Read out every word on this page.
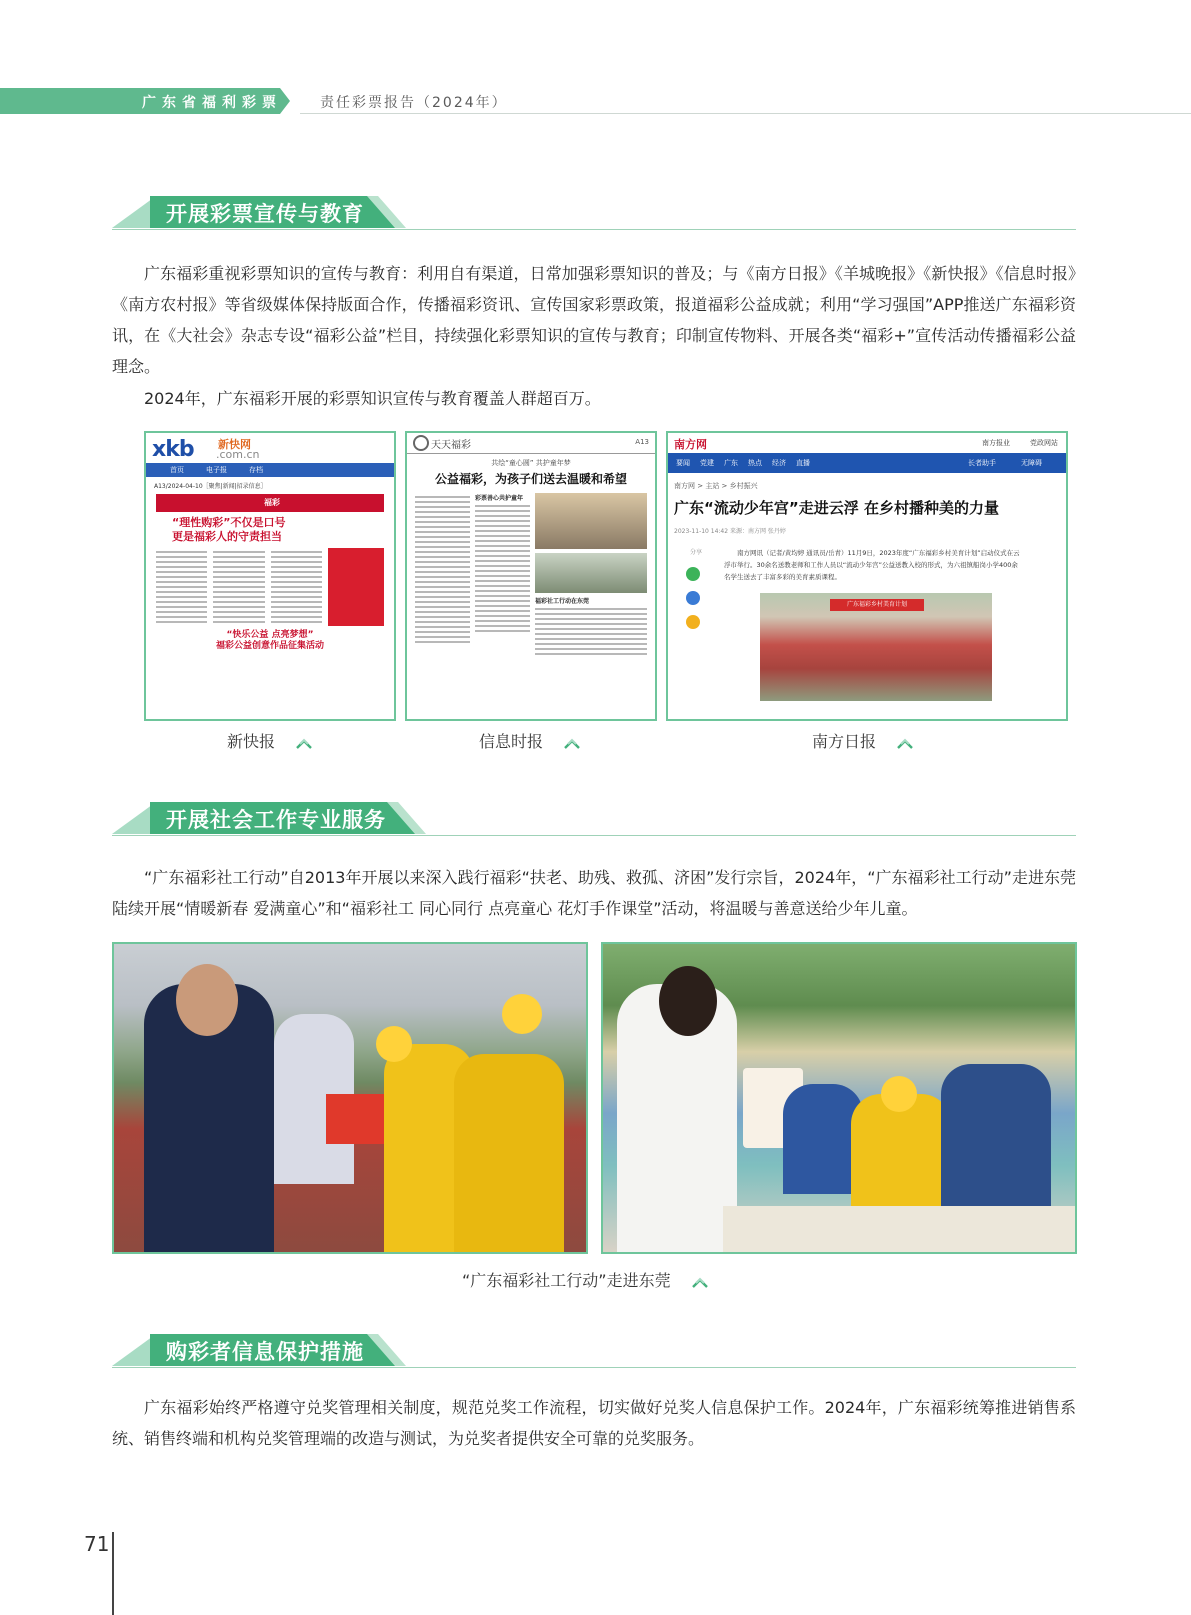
广东省福利彩票	责任彩票报告（2024年）
开展彩票宣传与教育

广东福彩重视彩票知识的宣传与教育：利用自有渠道，日常加强彩票知识的普及；与《南方日报》《羊城晚报》《新快报》《信息时报》《南方农村报》等省级媒体保持版面合作，传播福彩资讯、宣传国家彩票政策，报道福彩公益成就；利用“学习强国”APP推送广东福彩资讯，在《大社会》杂志专设“福彩公益”栏目，持续强化彩票知识的宣传与教育；印制宣传物料、开展各类“福彩+”宣传活动传播福彩公益理念。

2024年，广东福彩开展的彩票知识宣传与教育覆盖人群超百万。

xkb 新快网
.com.cn
首页	电子报	存档
A13/2024-04-10［聚焦|新闻|招录信息］
福彩
“理性购彩”不仅是口号
更是福彩人的守责担当
“快乐公益 点亮梦想”
福彩公益创意作品征集活动
新快报
天天福彩	A13
共绘“童心圆” 共护童年梦
公益福彩，为孩子们送去温暖和希望
彩票善心共护童年
福彩社工行动在东莞
信息时报
南方网	南方报业	党政网站
要闻 党建 广东 热点 经济 直播	长者助手	无障碍
南方网 > 主站 > 乡村振兴
广东“流动少年宫”走进云浮 在乡村播种美的力量
2023-11-10 14:42 来源：南方网 张丹婷
分享	南方网讯（记者/黄均婷 通讯员/岳青）11月9日，2023年度“广东福彩乡村美育计划”启动仪式在云浮市举行。30余名送教老师和工作人员以“流动少年宫”公益送教入校的形式，为六祖镇船岗小学400余名学生送去了丰富多彩的美育素质课程。
广东福彩乡村美育计划
南方日报
开展社会工作专业服务

“广东福彩社工行动”自2013年开展以来深入践行福彩“扶老、助残、救孤、济困”发行宗旨，2024年，“广东福彩社工行动”走进东莞陆续开展“情暖新春 爱满童心”和“福彩社工 同心同行 点亮童心 花灯手作课堂”活动，将温暖与善意送给少年儿童。

“广东福彩社工行动”走进东莞
购彩者信息保护措施

广东福彩始终严格遵守兑奖管理相关制度，规范兑奖工作流程，切实做好兑奖人信息保护工作。2024年，广东福彩统筹推进销售系统、销售终端和机构兑奖管理端的改造与测试，为兑奖者提供安全可靠的兑奖服务。

71
